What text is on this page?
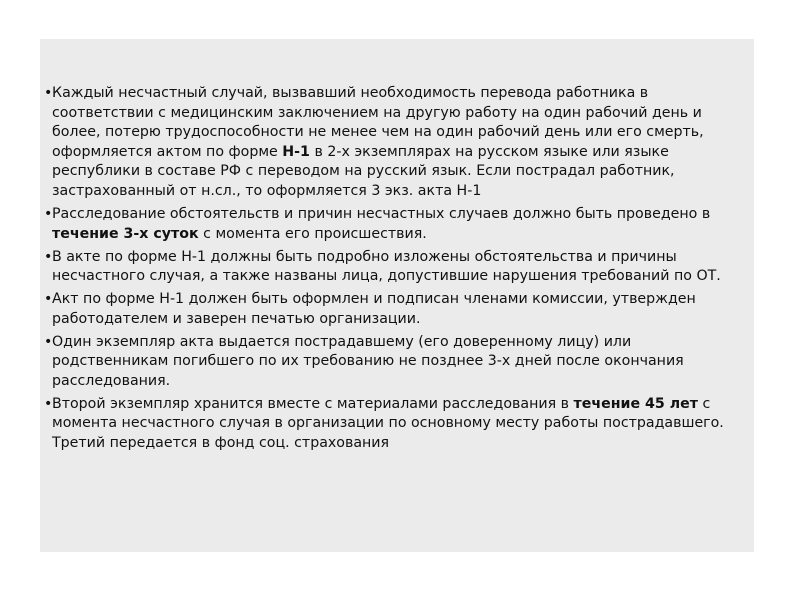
• Каждый несчастный случай, вызвавший необходимость перевода работника в соответствии с медицинским заключением на другую работу на один рабочий день и более, потерю трудоспособности не менее чем на один рабочий день или его смерть, оформляется актом по форме Н-1 в 2-х экземплярах на русском языке или языке республики в составе РФ с переводом на русский язык. Если пострадал работник, застрахованный от н.сл., то оформляется 3 экз. акта Н-1
• Расследование обстоятельств и причин несчастных случаев должно быть проведено в течение 3-х суток с момента его происшествия.
• В акте по форме Н-1 должны быть подробно изложены обстоятельства и причины несчастного случая, а также названы лица, допустившие нарушения требований по ОТ.
• Акт по форме Н-1 должен быть оформлен и подписан членами комиссии, утвержден работодателем и заверен печатью организации.
• Один экземпляр акта выдается пострадавшему (его доверенному лицу) или родственникам погибшего по их требованию не позднее 3-х дней после окончания расследования.
• Второй экземпляр хранится вместе с материалами расследования в течение 45 лет с момента несчастного случая в организации по основному месту работы пострадавшего. Третий передается в фонд соц. страхования
